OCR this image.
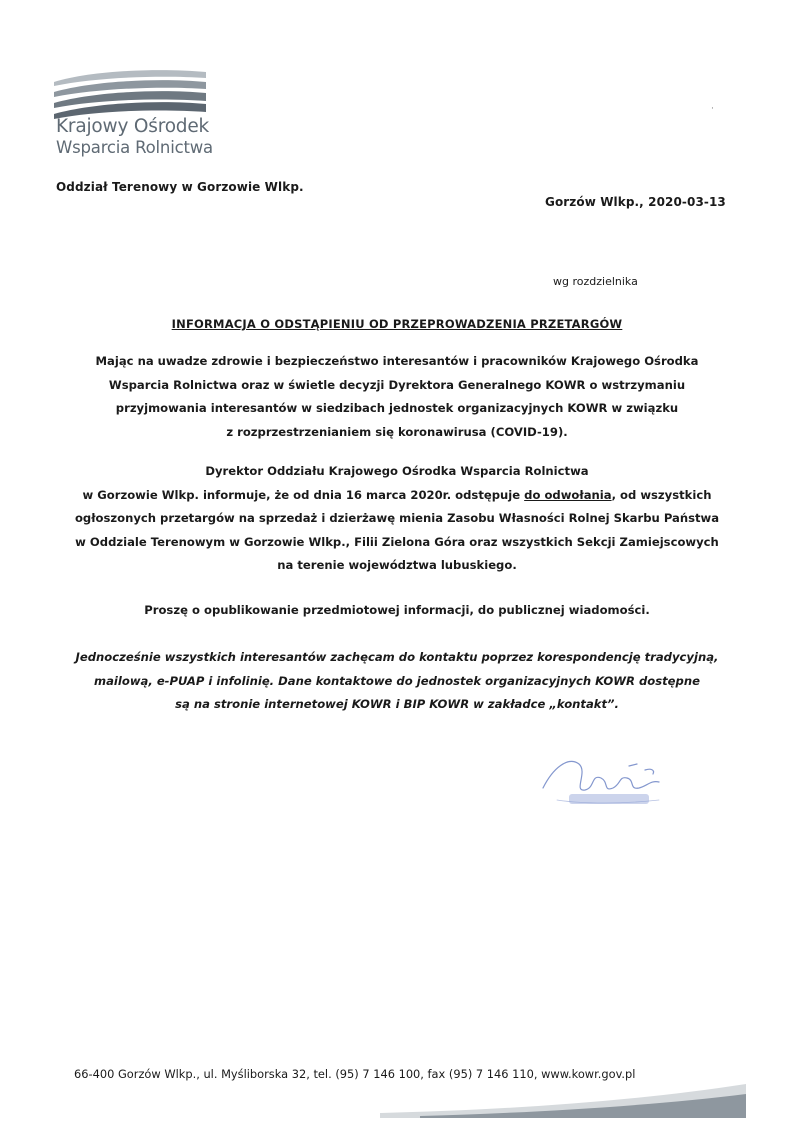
Krajowy Ośrodek
Wsparcia Rolnictwa
·
Oddział Terenowy w Gorzowie Wlkp.
Gorzów Wlkp., 2020-03-13
wg rozdzielnika
INFORMACJA O ODSTĄPIENIU OD PRZEPROWADZENIA PRZETARGÓW
Mając na uwadze zdrowie i bezpieczeństwo interesantów i pracowników Krajowego Ośrodka
Wsparcia Rolnictwa oraz w świetle decyzji Dyrektora Generalnego KOWR o wstrzymaniu
przyjmowania interesantów w siedzibach jednostek organizacyjnych KOWR w związku
z rozprzestrzenianiem się koronawirusa (COVID-19).
Dyrektor Oddziału Krajowego Ośrodka Wsparcia Rolnictwa
w Gorzowie Wlkp. informuje, że od dnia 16 marca 2020r. odstępuje do odwołania, od wszystkich
ogłoszonych przetargów na sprzedaż i dzierżawę mienia Zasobu Własności Rolnej Skarbu Państwa
w Oddziale Terenowym w Gorzowie Wlkp., Filii Zielona Góra oraz wszystkich Sekcji Zamiejscowych
na terenie województwa lubuskiego.
Proszę o opublikowanie przedmiotowej informacji, do publicznej wiadomości.
Jednocześnie wszystkich interesantów zachęcam do kontaktu poprzez korespondencję tradycyjną,
mailową, e-PUAP i infolinię. Dane kontaktowe do jednostek organizacyjnych KOWR dostępne
są na stronie internetowej KOWR i BIP KOWR w zakładce „kontakt”.
66-400 Gorzów Wlkp., ul. Myśliborska 32, tel. (95) 7 146 100, fax (95) 7 146 110, www.kowr.gov.pl
